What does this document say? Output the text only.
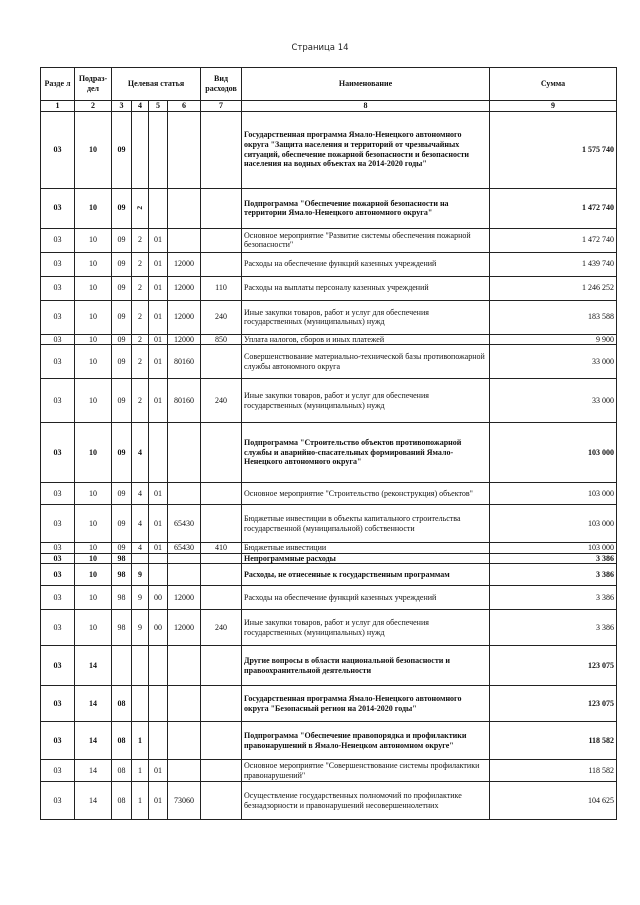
Страница 14
Разде л	Подраз- дел	Целевая статья				Вид расходов	Наименование	Сумма
1	2	3	4	5	6	7	8	9
03	10	09					Государственная программа Ямало-Ненецкого автономного округа "Защита населения и территорий от чрезвычайных ситуаций, обеспечение пожарной безопасности и безопасности населения на водных объектах на 2014-2020 годы"	1 575 740
03	10	09	2				Подпрограмма "Обеспечение пожарной безопасности на территории Ямало-Ненецкого автономного округа"	1 472 740
03	10	09	2	01			Основное мероприятие "Развитие системы обеспечения пожарной безопасности"	1 472 740
03	10	09	2	01	12000		Расходы на обеспечение функций казенных учреждений	1 439 740
03	10	09	2	01	12000	110	Расходы на выплаты персоналу казенных учреждений	1 246 252
03	10	09	2	01	12000	240	Иные закупки товаров, работ и услуг для обеспечения государственных (муниципальных) нужд	183 588
03	10	09	2	01	12000	850	Уплата налогов, сборов и иных платежей	9 900
03	10	09	2	01	80160		Совершенствование материально-технической базы противопожарной службы автономного округа	33 000
03	10	09	2	01	80160	240	Иные закупки товаров, работ и услуг для обеспечения государственных (муниципальных) нужд	33 000
03	10	09	4				Подпрограмма "Строительство объектов противопожарной службы и аварийно-спасательных формирований Ямало-Ненецкого автономного округа"	103 000
03	10	09	4	01			Основное мероприятие "Строительство (реконструкция) объектов"	103 000
03	10	09	4	01	65430		Бюджетные инвестиции в объекты капитального строительства государственной (муниципальной) собственности	103 000
03	10	09	4	01	65430	410	Бюджетные инвестиции	103 000
03	10	98					Непрограммные расходы	3 386
03	10	98	9				Расходы, не отнесенные к государственным программам	3 386
03	10	98	9	00	12000		Расходы на обеспечение функций казенных учреждений	3 386
03	10	98	9	00	12000	240	Иные закупки товаров, работ и услуг для обеспечения государственных (муниципальных) нужд	3 386
03	14						Другие вопросы в области национальной безопасности и правоохранительной деятельности	123 075
03	14	08					Государственная программа Ямало-Ненецкого автономного округа "Безопасный регион на 2014-2020 годы"	123 075
03	14	08	1				Подпрограмма "Обеспечение правопорядка и профилактики правонарушений в Ямало-Ненецком автономном округе"	118 582
03	14	08	1	01			Основное мероприятие "Совершенствование системы профилактики правонарушений"	118 582
03	14	08	1	01	73060		Осуществление государственных полномочий по профилактике безнадзорности и правонарушений несовершеннолетних	104 625
